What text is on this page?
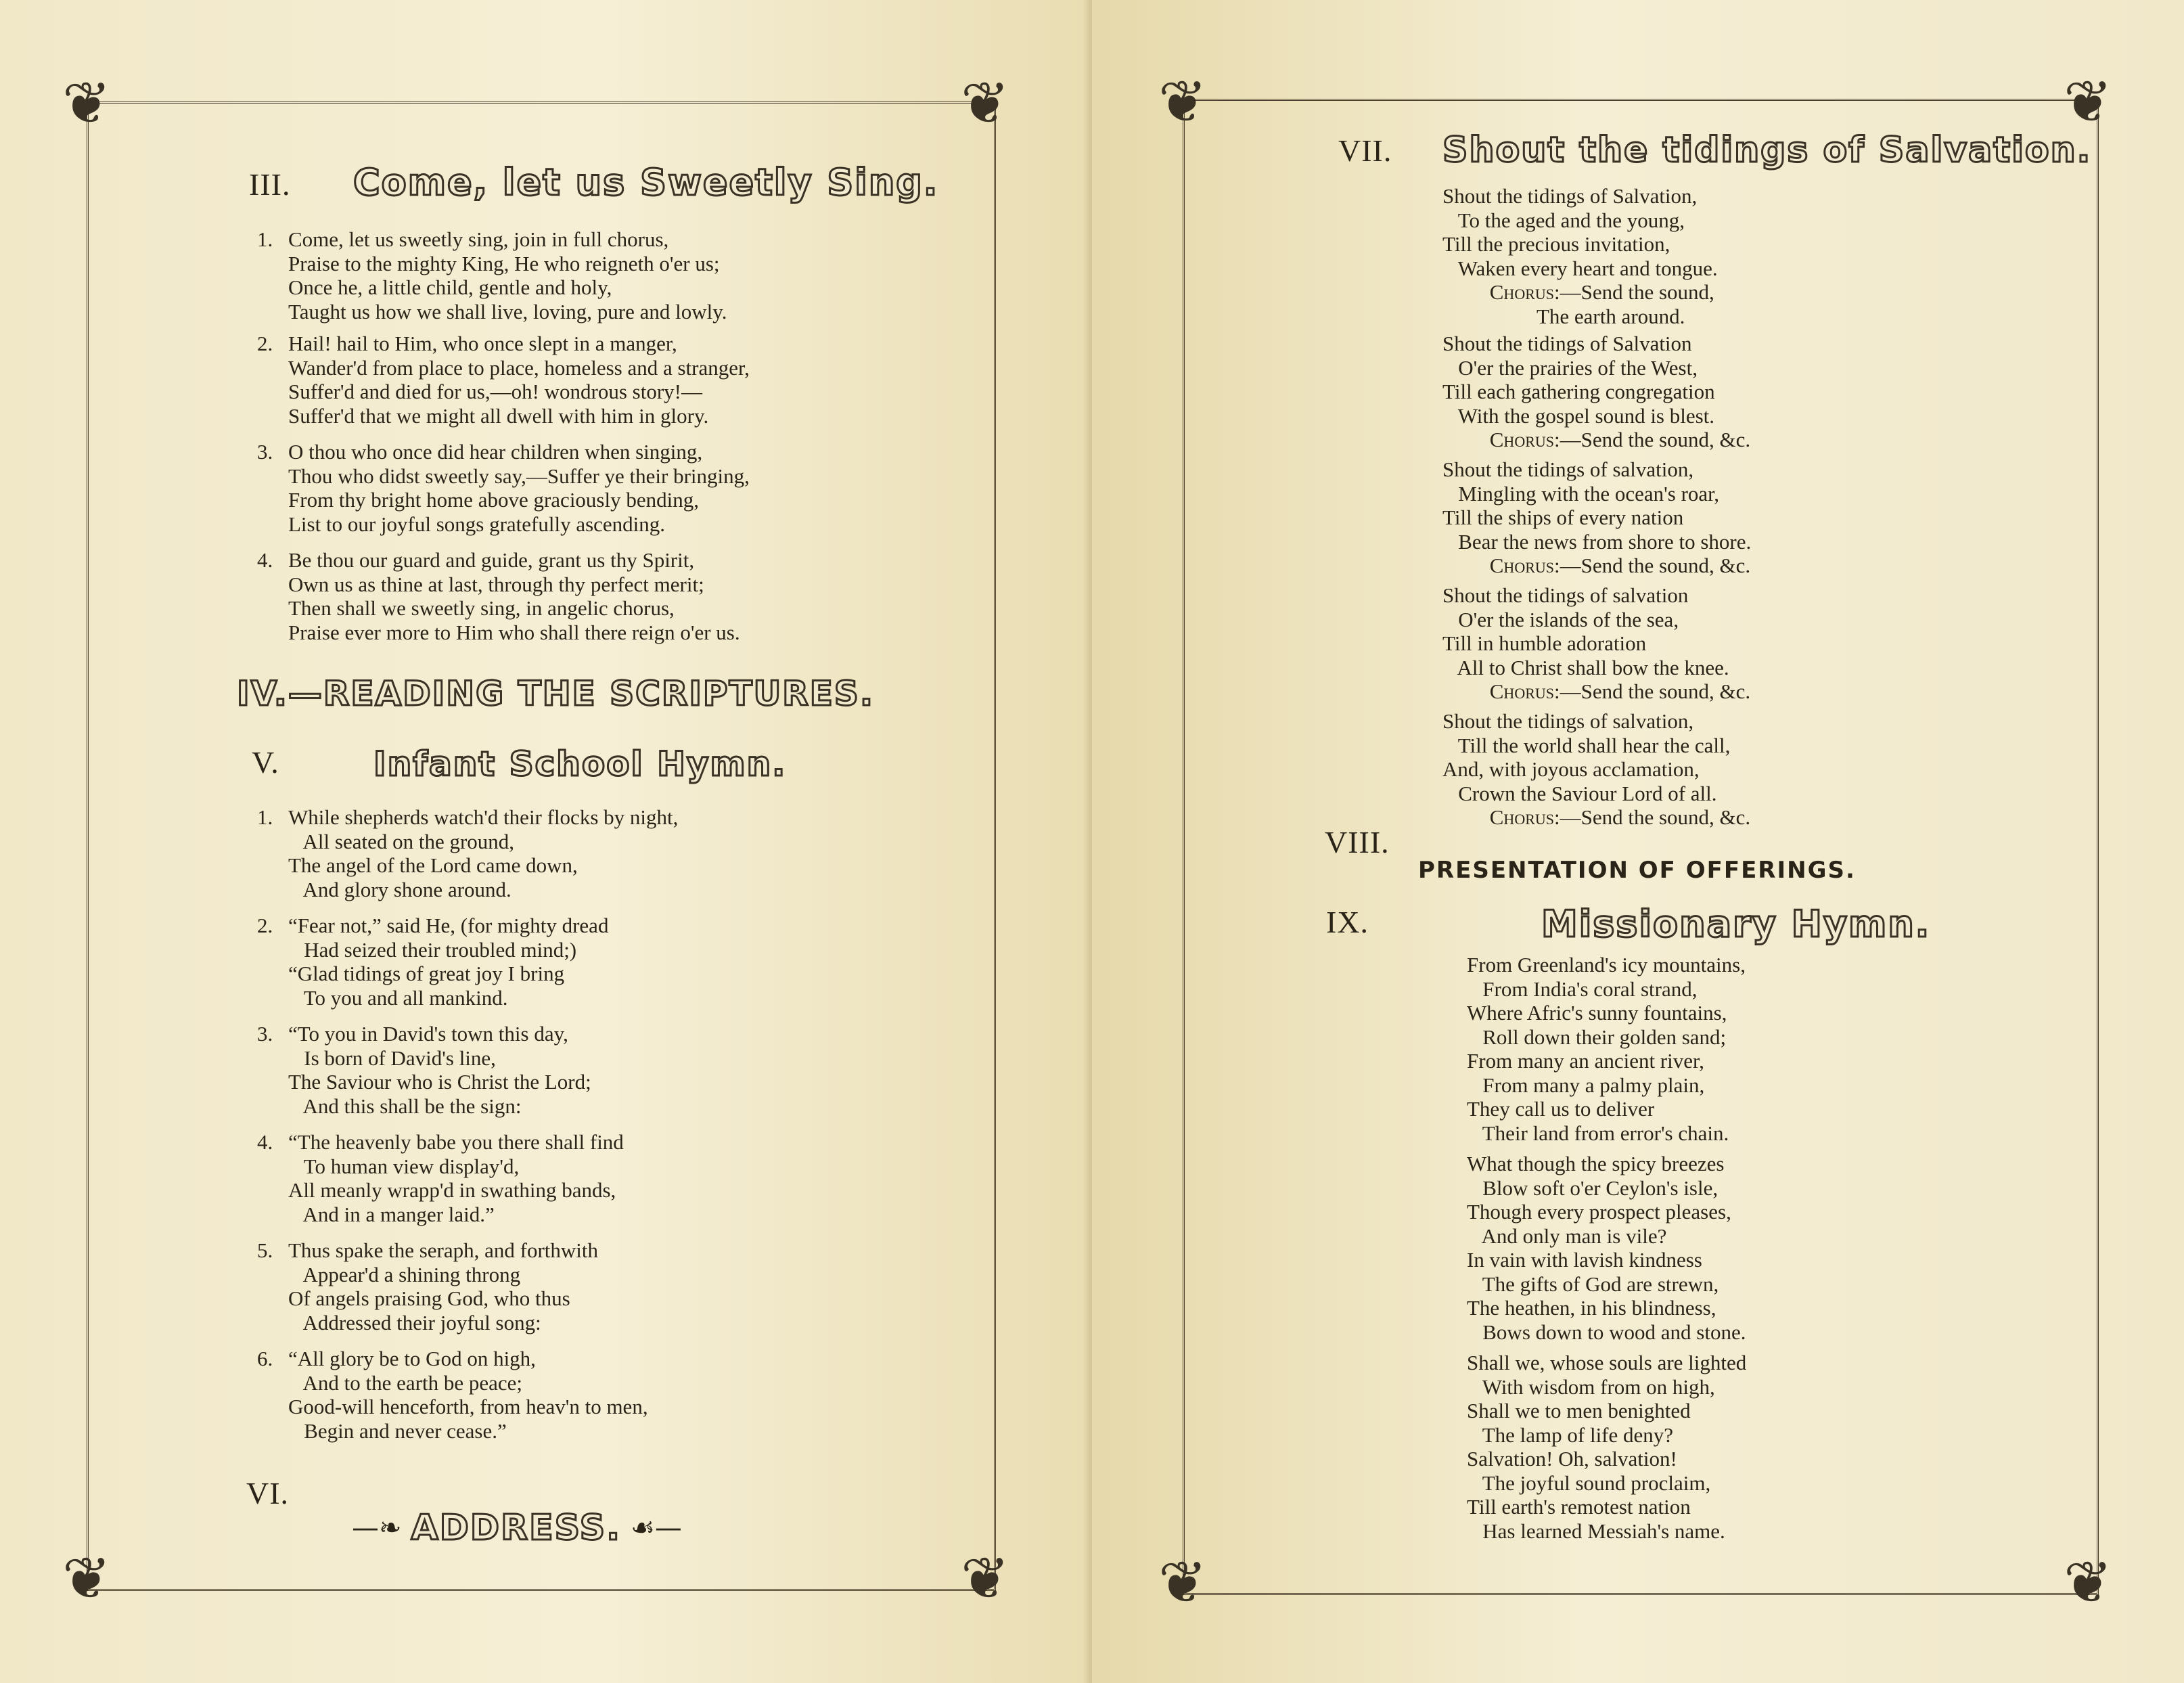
❦	❦
❦	❦
III. Come, let us Sweetly Sing.
1. Come, let us sweetly sing, join in full chorus,
Praise to the mighty King, He who reigneth o'er us;
Once he, a little child, gentle and holy,
Taught us how we shall live, loving, pure and lowly.
2. Hail! hail to Him, who once slept in a manger,
Wander'd from place to place, homeless and a stranger,
Suffer'd and died for us,—oh! wondrous story!—
Suffer'd that we might all dwell with him in glory.
3. O thou who once did hear children when singing,
Thou who didst sweetly say,—Suffer ye their bringing,
From thy bright home above graciously bending,
List to our joyful songs gratefully ascending.
4. Be thou our guard and guide, grant us thy Spirit,
Own us as thine at last, through thy perfect merit;
Then shall we sweetly sing, in angelic chorus,
Praise ever more to Him who shall there reign o'er us.
IV.—READING THE SCRIPTURES.
V.	Infant School Hymn.
1. While shepherds watch'd their flocks by night,
All seated on the ground,
The angel of the Lord came down,
And glory shone around.
2. “Fear not,” said He, (for mighty dread
Had seized their troubled mind;)
“Glad tidings of great joy I bring
To you and all mankind.
3. “To you in David's town this day,
Is born of David's line,
The Saviour who is Christ the Lord;
And this shall be the sign:
4. “The heavenly babe you there shall find
To human view display'd,
All meanly wrapp'd in swathing bands,
And in a manger laid.”
5. Thus spake the seraph, and forthwith
Appear'd a shining throng
Of angels praising God, who thus
Addressed their joyful song:
6. “All glory be to God on high,
And to the earth be peace;
Good-will henceforth, from heav'n to men,
Begin and never cease.”
VI.
—❧ ADDRESS. ☙—
❦	❦
❦	❦
VII. Shout the tidings of Salvation.
Shout the tidings of Salvation,
To the aged and the young,
Till the precious invitation,
Waken every heart and tongue.
Chorus:—Send the sound,
The earth around.
Shout the tidings of Salvation
O'er the prairies of the West,
Till each gathering congregation
With the gospel sound is blest.
Chorus:—Send the sound, &c.
Shout the tidings of salvation,
Mingling with the ocean's roar,
Till the ships of every nation
Bear the news from shore to shore.
Chorus:—Send the sound, &c.
Shout the tidings of salvation
O'er the islands of the sea,
Till in humble adoration
All to Christ shall bow the knee.
Chorus:—Send the sound, &c.
Shout the tidings of salvation,
Till the world shall hear the call,
And, with joyous acclamation,
Crown the Saviour Lord of all.
Chorus:—Send the sound, &c.
VIII.
PRESENTATION OF OFFERINGS.
IX.	Missionary Hymn.
From Greenland's icy mountains,
From India's coral strand,
Where Afric's sunny fountains,
Roll down their golden sand;
From many an ancient river,
From many a palmy plain,
They call us to deliver
Their land from error's chain.
What though the spicy breezes
Blow soft o'er Ceylon's isle,
Though every prospect pleases,
And only man is vile?
In vain with lavish kindness
The gifts of God are strewn,
The heathen, in his blindness,
Bows down to wood and stone.
Shall we, whose souls are lighted
With wisdom from on high,
Shall we to men benighted
The lamp of life deny?
Salvation! Oh, salvation!
The joyful sound proclaim,
Till earth's remotest nation
Has learned Messiah's name.
